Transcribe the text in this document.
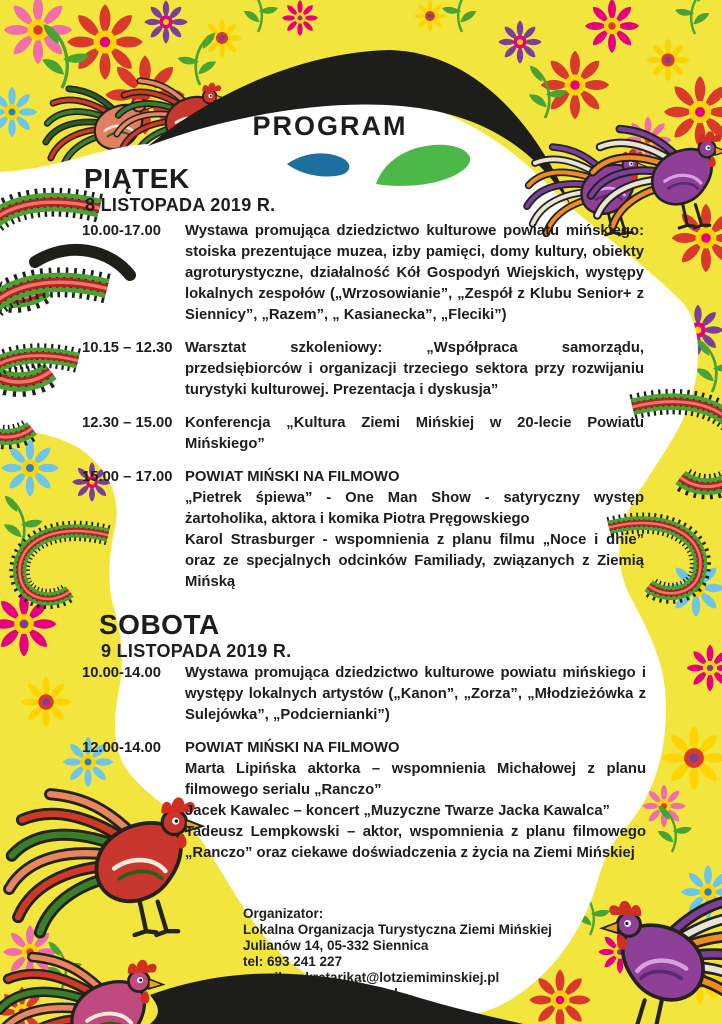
PROGRAM
PIĄTEK
8 LISTOPADA 2019 R.
10.00-17.00	Wystawa promująca dziedzictwo kulturowe powiatu mińskiego: stoiska prezentujące muzea, izby pamięci, domy kultury, obiekty agroturystyczne, działalność Kół Gospodyń Wiejskich, występy lokalnych zespołów („Wrzosowianie”, „Zespół z Klubu Senior+ z Siennicy”, „Razem”, „ Kasianecka”, „Fleciki”)

10.15 – 12.30 Warsztat szkoleniowy: „Współpraca samorządu, przedsiębiorców i organizacji trzeciego sektora przy rozwijaniu turystyki kulturowej. Prezentacja i dyskusja”

12.30 – 15.00 Konferencja „Kultura Ziemi Mińskiej w 20-lecie Powiatu Mińskiego”

15.00 – 17.00 POWIAT MIŃSKI NA FILMOWO

„Pietrek śpiewa” - One Man Show - satyryczny występ żartoholika, aktora i komika Piotra Pręgowskiego

Karol Strasburger - wspomnienia z planu filmu „Noce i dnie” oraz ze specjalnych odcinków Familiady, związanych z Ziemią Mińską

SOBOTA
9 LISTOPADA 2019 R.
10.00-14.00	Wystawa promująca dziedzictwo kulturowe powiatu mińskiego i występy lokalnych artystów („Kanon”, „Zorza”, „Młodzieżówka z Sulejówka”, „Podciernianki”)

12.00-14.00	POWIAT MIŃSKI NA FILMOWO

Marta Lipińska aktorka – wspomnienia Michałowej z planu filmowego serialu „Ranczo”

Jacek Kawalec – koncert „Muzyczne Twarze Jacka Kawalca”

Tadeusz Lempkowski – aktor, wspomnienia z planu filmowego „Ranczo” oraz ciekawe doświadczenia z życia na Ziemi Mińskiej

Organizator:

Lokalna Organizacja Turystyczna Ziemi Mińskiej

Julianów 14, 05-332 Siennica

tel: 693 241 227

e-mail: sekretarikat@lotziemiminskiej.pl

www.lotziemiminskiej.pl
